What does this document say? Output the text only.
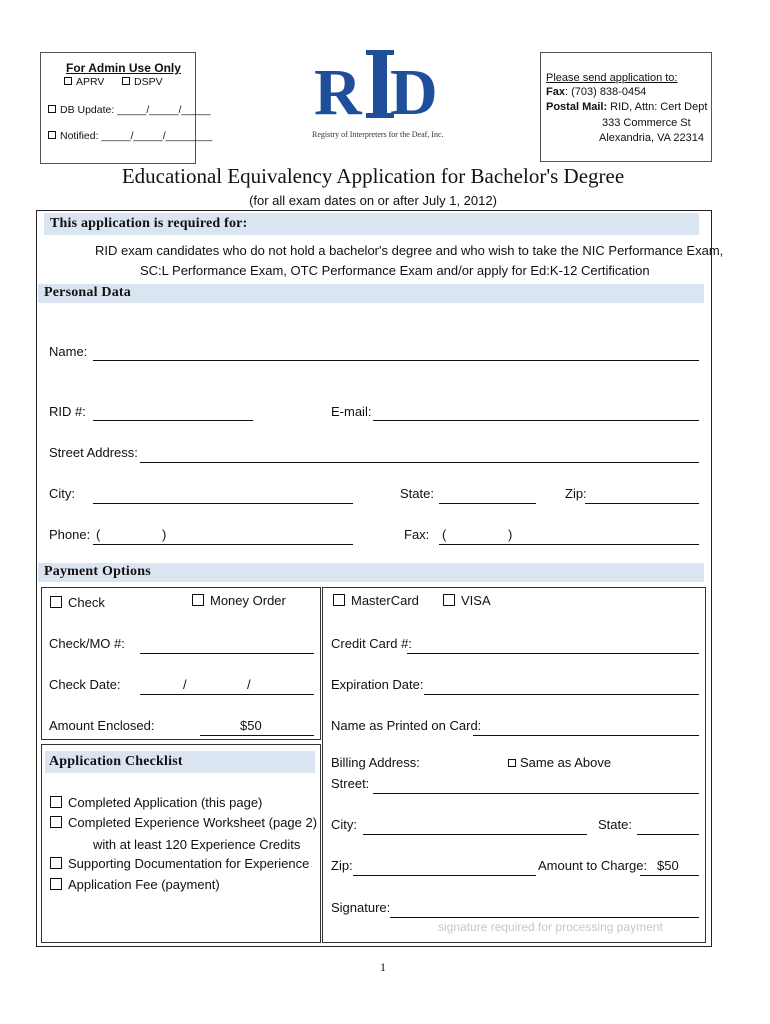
For Admin Use Only
APRV	DSPV
DB Update: _____/_____/_____
Notified: _____/_____/________
R D
Registry of Interpreters for the Deaf, Inc.
Please send application to:
Fax: (703) 838-0454
Postal Mail: RID, Attn: Cert Dept
333 Commerce St
Alexandria, VA 22314
Educational Equivalency Application for Bachelor's Degree
(for all exam dates on or after July 1, 2012)
This application is required for:
RID exam candidates who do not hold a bachelor's degree and who wish to take the NIC Performance Exam,
SC:L Performance Exam, OTC Performance Exam and/or apply for Ed:K-12 Certification
Personal Data
Name:
RID #:	E-mail:
Street Address:
City:	State:	Zip:
Phone: (	)	Fax: (	)
Payment Options
Check	Money Order
Check/MO #:
Check Date:	/	/
Amount Enclosed:	$50
MasterCard	VISA
Credit Card #:
Expiration Date:
Name as Printed on Card:
Billing Address:	Same as Above
Street:
City:	State:
Zip:	Amount to Charge: $50
Signature:
signature required for processing payment
Application Checklist
Completed Application (this page)
Completed Experience Worksheet (page 2)
with at least 120 Experience Credits
Supporting Documentation for Experience
Application Fee (payment)
1
